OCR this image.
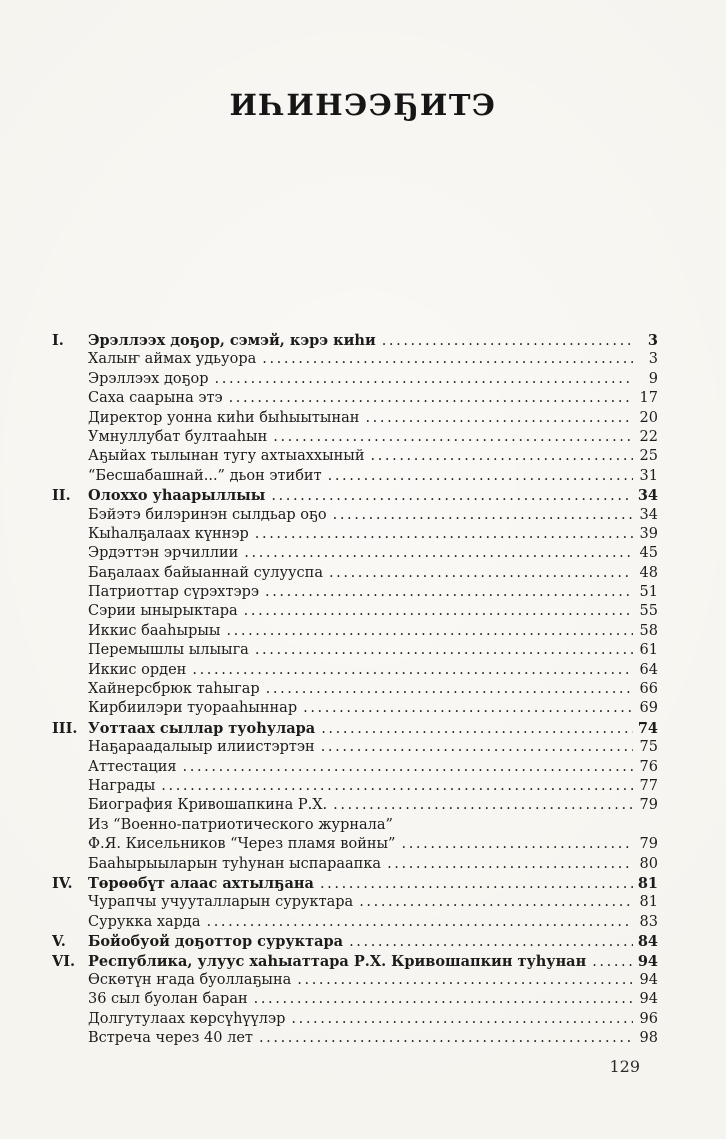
ИҺИНЭЭҔИТЭ
I.	Эрэллээх доҕор, сэмэй, кэрэ киһи .....	3
Халыҥ аймах удьуора .....	3
Эрэллээх доҕор .....	9
Саха саарына этэ .....	17
Директор уонна киһи быһыытынан .....	20
Умнуллубат бултааһын .....	22
Аҕыйах тылынан тугу ахтыаххыный .....	25
“Бесшабашнай...” дьон этибит .....	31
II.	Олоххо уһаарыллыы .....	34
Бэйэтэ билэринэн сылдьар оҕо .....	34
Кыһалҕалаах күннэр .....	39
Эрдэттэн эрчиллии .....	45
Баҕалаах байыаннай сулууспа .....	48
Патриоттар сүрэхтэрэ .....	51
Сэрии ынырыктара .....	55
Иккис бааһырыы .....	58
Перемышлы ылыыга .....	61
Иккис орден .....	64
Хайнерсбрюк таһыгар .....	66
Кирбиилэри туорааһыннар .....	69
III. Уоттаах сыллар туоһулара .....	74
Наҕараадалыыр илиистэртэн .....	75
Аттестация .....	76
Награды .....	77
Биография Кривошапкина Р.Х. .....	79
Из “Военно-патриотического журнала”
Ф.Я. Кисельников “Через пламя войны” .....	79
Бааһырыыларын туһунан ыспараапка .....	80
IV.	Төрөөбүт алаас ахтылҕана .....	81
Чурапчы учууталларын суруктара .....	81
Сурукка харда .....	83
V.	Бойобуой доҕоттор суруктара .....	84
VI. Республика, улуус хаһыаттара Р.Х. Кривошапкин туһунан .....	94
Өскөтүн ҥада буоллаҕына .....	94
36 сыл буолан баран .....	94
Долгутулаах көрсүһүүлэр .....	96
Встреча через 40 лет .....	98
129
